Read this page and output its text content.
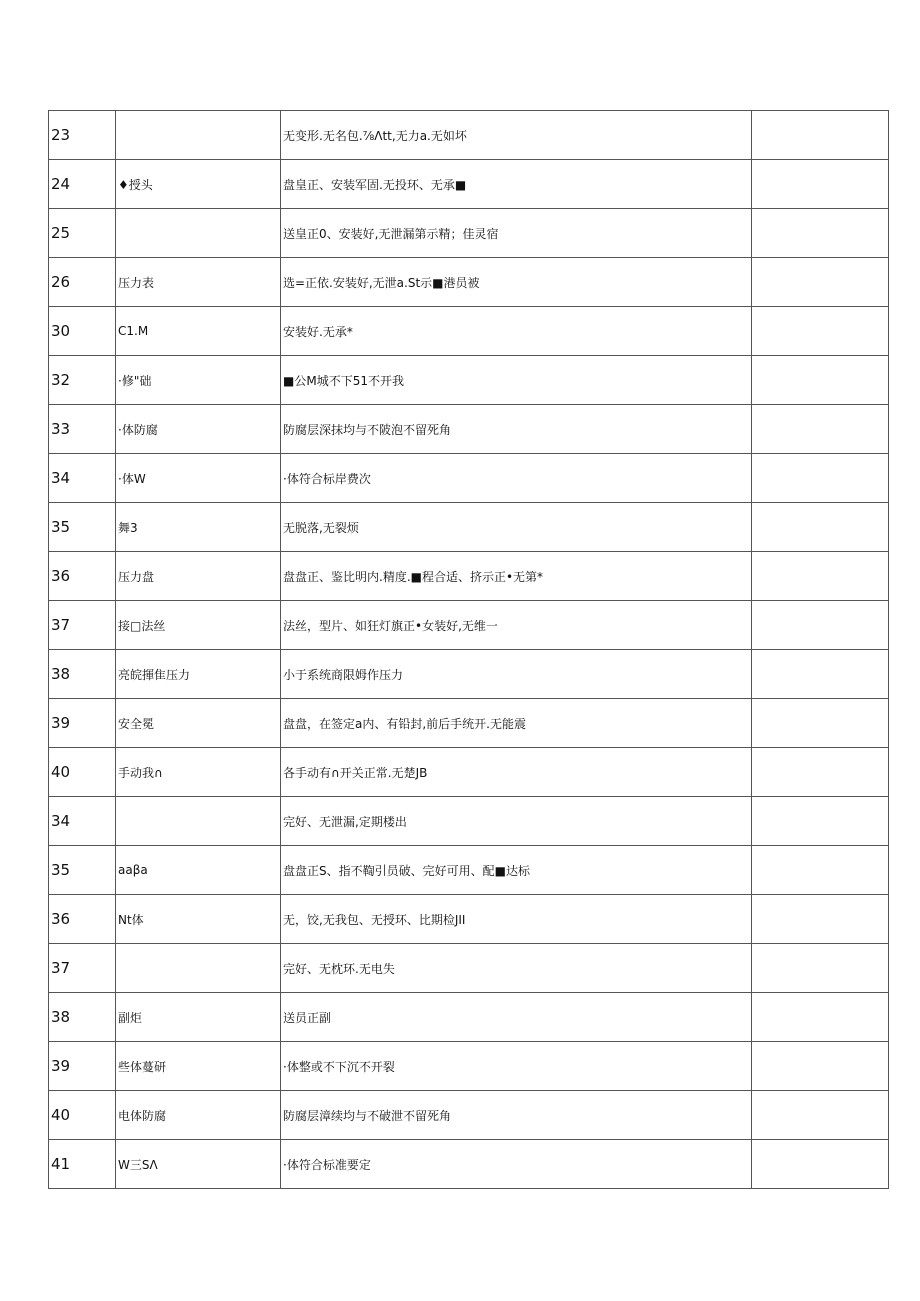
23		无变形.无名包.⅞Λtt,无力a.无如坏	
24	♦授头	盘皇正、安装军固.无投环、无承■	
25		送皇正0、安装好,无泄漏第示精；佳灵宿	
26	压力表	选=正依.安装好,无泄a.St示■港员被	
30	C1.M	安装好.无承*	
32	·修"础	■公M城不下51不开我	
33	·体防腐	防腐层深抹均与不陂泡不留死角	
34	·体W	·体符合标岸费次	
35	舞3	无脱落,无裂烦	
36	压力盘	盘盘正、鉴比明内.精度.■程合适、挤示正•无第*	
37	接□法丝	法丝，型片、如狂灯旗正•女装好,无维一	
38	亮皖揮隹压力	小于系统商限姆作压力	
39	安全冕	盘盘，在签定a内、有铅封,前后手统开.无能震	
40	手动我∩	各手动有∩开关正常.无楚JB	
34		完好、无泄漏,定期楼出	
35	aaβa	盘盘正S、指不鞫引员破、完好可用、配■达标	
36	Nt体	无，饺,无我包、无授环、比期检JII	
37		完好、无枕环.无电失	
38	副炬	送员正副	
39	些体蔓研	·体整或不下沉不开裂	
40	电体防腐	防腐层漳续均与不破泄不留死角	
41	W三SΛ	·体符合标准要定	
